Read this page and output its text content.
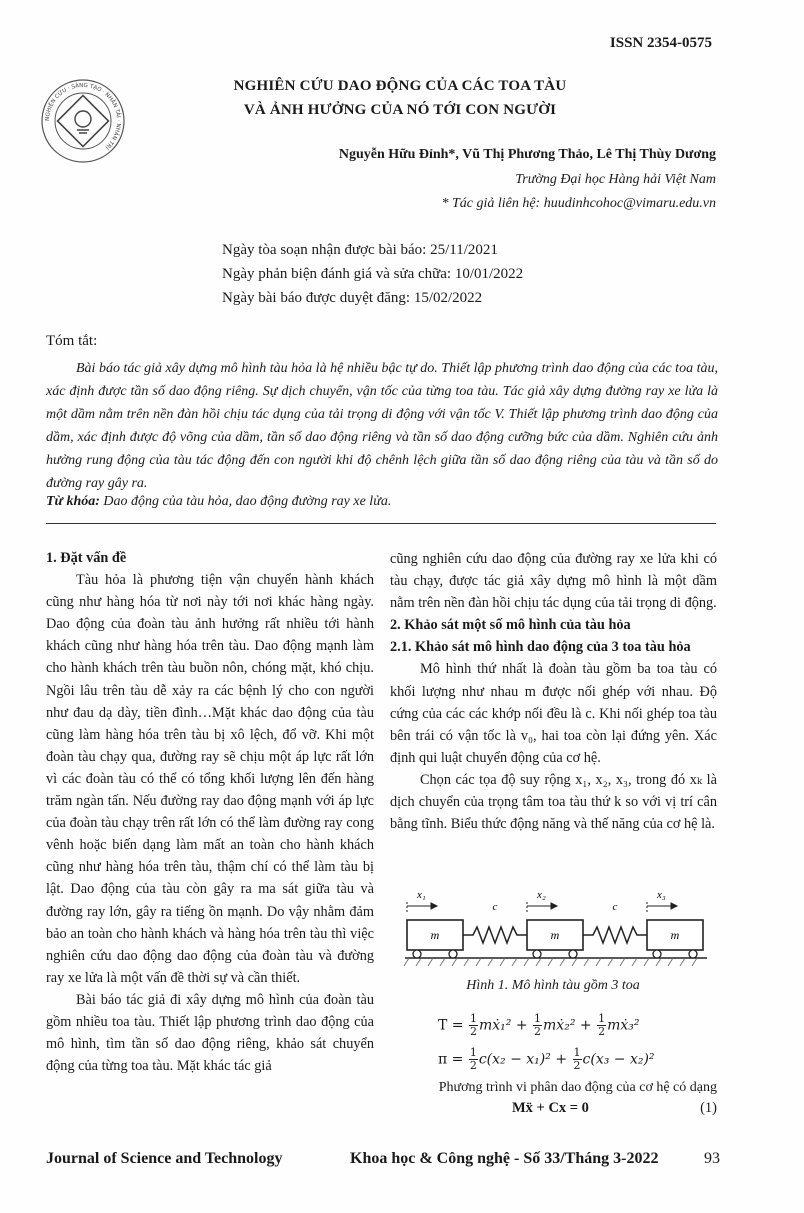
ISSN 2354-0575
NGHIÊN CỨU · SÁNG TẠO · NHÂN TÀI · NHÂN TRÍ
NGHIÊN CỨU DAO ĐỘNG CỦA CÁC TOA TÀU
VÀ ẢNH HƯỞNG CỦA NÓ TỚI CON NGƯỜI
Nguyễn Hữu Đỉnh*, Vũ Thị Phương Thảo, Lê Thị Thùy Dương
Trường Đại học Hàng hải Việt Nam
* Tác giả liên hệ: huudinhcohoc@vimaru.edu.vn
Ngày tòa soạn nhận được bài báo: 25/11/2021
Ngày phản biện đánh giá và sửa chữa: 10/01/2022
Ngày bài báo được duyệt đăng: 15/02/2022
Tóm tắt:
Bài báo tác giả xây dựng mô hình tàu hỏa là hệ nhiều bậc tự do. Thiết lập phương trình dao động của các toa tàu, xác định được tần số dao động riêng. Sự dịch chuyển, vận tốc của từng toa tàu. Tác giả xây dựng đường ray xe lửa là một dầm nằm trên nền đàn hồi chịu tác dụng của tải trọng di động với vận tốc V. Thiết lập phương trình dao động của dầm, xác định được độ võng của dầm, tần số dao động riêng và tần số dao động cưỡng bức của dầm. Nghiên cứu ảnh hưởng rung động của tàu tác động đến con người khi độ chênh lệch giữa tần số dao động riêng của tàu và tần số do đường ray gây ra.
Từ khóa: Dao động của tàu hỏa, dao động đường ray xe lửa.
1. Đặt vấn đề

Tàu hỏa là phương tiện vận chuyển hành khách cũng như hàng hóa từ nơi này tới nơi khác hàng ngày. Dao động của đoàn tàu ảnh hưởng rất nhiều tới hành khách cũng như hàng hóa trên tàu. Dao động mạnh làm cho hành khách trên tàu buồn nôn, chóng mặt, khó chịu. Ngồi lâu trên tàu dễ xảy ra các bệnh lý cho con người như đau dạ dày, tiền đình…Mặt khác dao động của tàu cũng làm hàng hóa trên tàu bị xô lệch, đổ vỡ. Khi một đoàn tàu chạy qua, đường ray sẽ chịu một áp lực rất lớn vì các đoàn tàu có thể có tổng khối lượng lên đến hàng trăm ngàn tấn. Nếu đường ray dao động mạnh với áp lực của đoàn tàu chạy trên rất lớn có thể làm đường ray cong vênh hoặc biến dạng làm mất an toàn cho hành khách cũng như hàng hóa trên tàu, thậm chí có thể làm tàu bị lật. Dao động của tàu còn gây ra ma sát giữa tàu và đường ray lớn, gây ra tiếng ồn mạnh. Do vậy nhằm đảm bảo an toàn cho hành khách và hàng hóa trên tàu thì việc nghiên cứu dao động dao động của đoàn tàu và đường ray xe lửa là một vấn đề thời sự và cần thiết.

Bài báo tác giả đi xây dựng mô hình của đoàn tàu gồm nhiều toa tàu. Thiết lập phương trình dao động của mô hình, tìm tần số dao động riêng, khảo sát chuyển động của từng toa tàu. Mặt khác tác giả

cũng nghiên cứu dao động của đường ray xe lửa khi có tàu chạy, được tác giả xây dựng mô hình là một dầm nằm trên nền đàn hồi chịu tác dụng của tải trọng di động.

2. Khảo sát một số mô hình của tàu hỏa
2.1. Khảo sát mô hình dao động của 3 toa tàu hỏa

Mô hình thứ nhất là đoàn tàu gồm ba toa tàu có khối lượng như nhau m được nối ghép với nhau. Độ cứng của các các khớp nối đều là c. Khi nối ghép toa tàu bên trái có vận tốc là v₀, hai toa còn lại đứng yên. Xác định qui luật chuyển động của cơ hệ.

Chọn các tọa độ suy rộng x₁, x₂, x₃, trong đó xₖ là dịch chuyển của trọng tâm toa tàu thứ k so với vị trí cân bằng tĩnh. Biểu thức động năng và thế năng của cơ hệ là.

m	m	m
c	c
x₁	x₂	x₃
Hình 1. Mô hình tàu gồm 3 toa
$T = \frac{1}{2}$ mẋ₁² + $\frac{1}{2}$ mẋ₂² + $\frac{1}{2}$ mẋ₃²
$\pi = \frac{1}{2} c(x_2 - x_1)^2 + \frac{1}{2} c(x_3 - x_2)^2$
Phương trình vi phân dao động của cơ hệ có dạng
Mẍ + Cx = 0	(1)
Journal of Science and Technology	Khoa học & Công nghệ - Số 33/Tháng 3-2022	93
